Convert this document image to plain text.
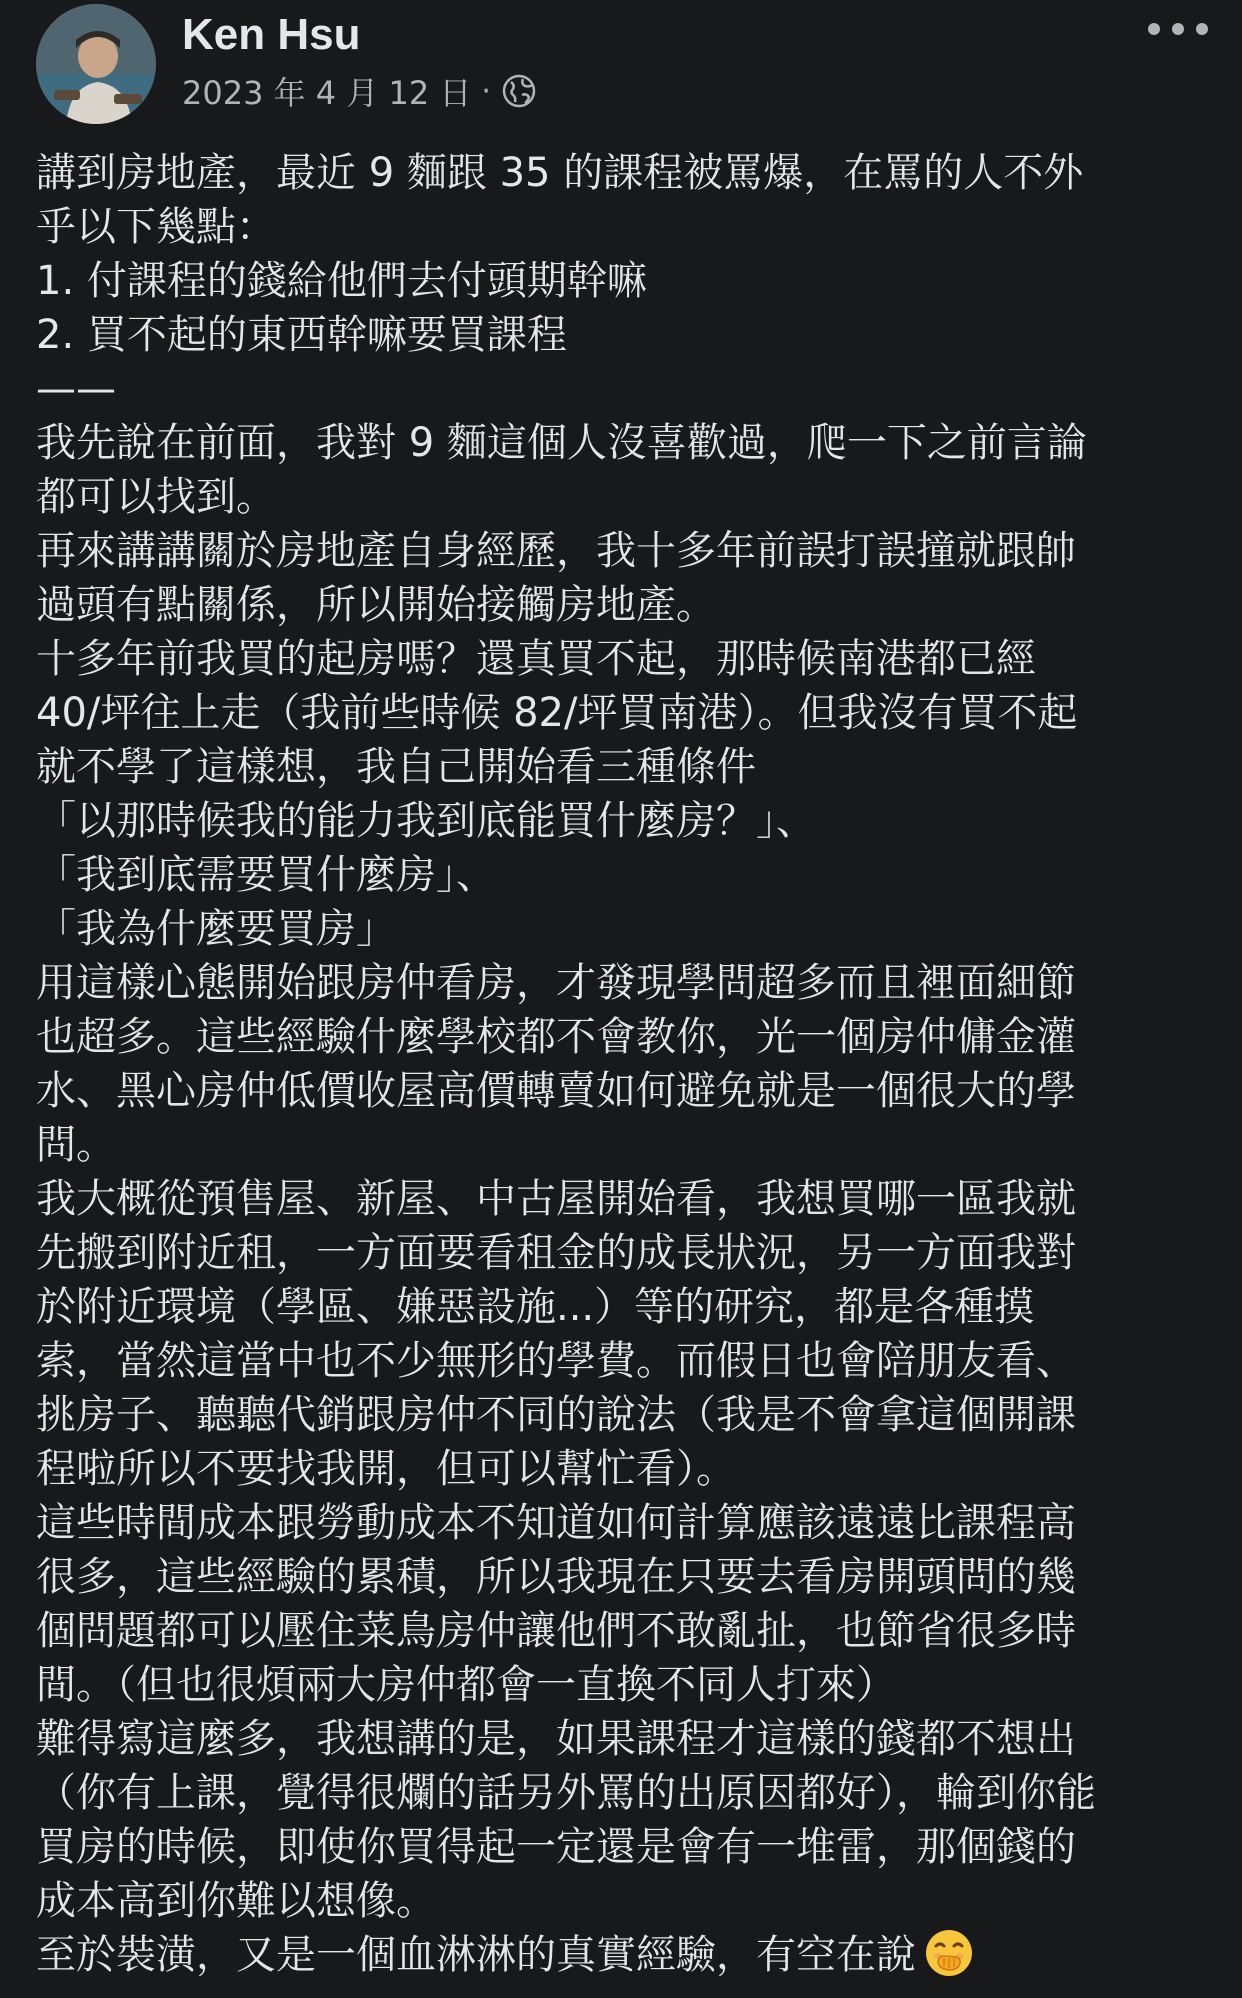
Ken Hsu
2023 年 4 月 12 日 ·
講到房地產，最近 9 麵跟 35 的課程被罵爆，在罵的人不外
乎以下幾點：
1. 付課程的錢給他們去付頭期幹嘛
2. 買不起的東西幹嘛要買課程
——
我先說在前面，我對 9 麵這個人沒喜歡過，爬一下之前言論
都可以找到。
再來講講關於房地產自身經歷，我十多年前誤打誤撞就跟帥
過頭有點關係，所以開始接觸房地產。
十多年前我買的起房嗎？還真買不起，那時候南港都已經
40/坪往上走（我前些時候 82/坪買南港）。但我沒有買不起
就不學了這樣想，我自己開始看三種條件
「以那時候我的能力我到底能買什麼房？」、
「我到底需要買什麼房」、
「我為什麼要買房」
用這樣心態開始跟房仲看房，才發現學問超多而且裡面細節
也超多。這些經驗什麼學校都不會教你，光一個房仲傭金灌
水、黑心房仲低價收屋高價轉賣如何避免就是一個很大的學
問。
我大概從預售屋、新屋、中古屋開始看，我想買哪一區我就
先搬到附近租，一方面要看租金的成長狀況，另一方面我對
於附近環境（學區、嫌惡設施...）等的研究，都是各種摸
索，當然這當中也不少無形的學費。而假日也會陪朋友看、
挑房子、聽聽代銷跟房仲不同的說法（我是不會拿這個開課
程啦所以不要找我開，但可以幫忙看）。
這些時間成本跟勞動成本不知道如何計算應該遠遠比課程高
很多，這些經驗的累積，所以我現在只要去看房開頭問的幾
個問題都可以壓住菜鳥房仲讓他們不敢亂扯，也節省很多時
間。（但也很煩兩大房仲都會一直換不同人打來）
難得寫這麼多，我想講的是，如果課程才這樣的錢都不想出
（你有上課，覺得很爛的話另外罵的出原因都好），輪到你能
買房的時候，即使你買得起一定還是會有一堆雷，那個錢的
成本高到你難以想像。
至於裝潢，又是一個血淋淋的真實經驗，有空在說
